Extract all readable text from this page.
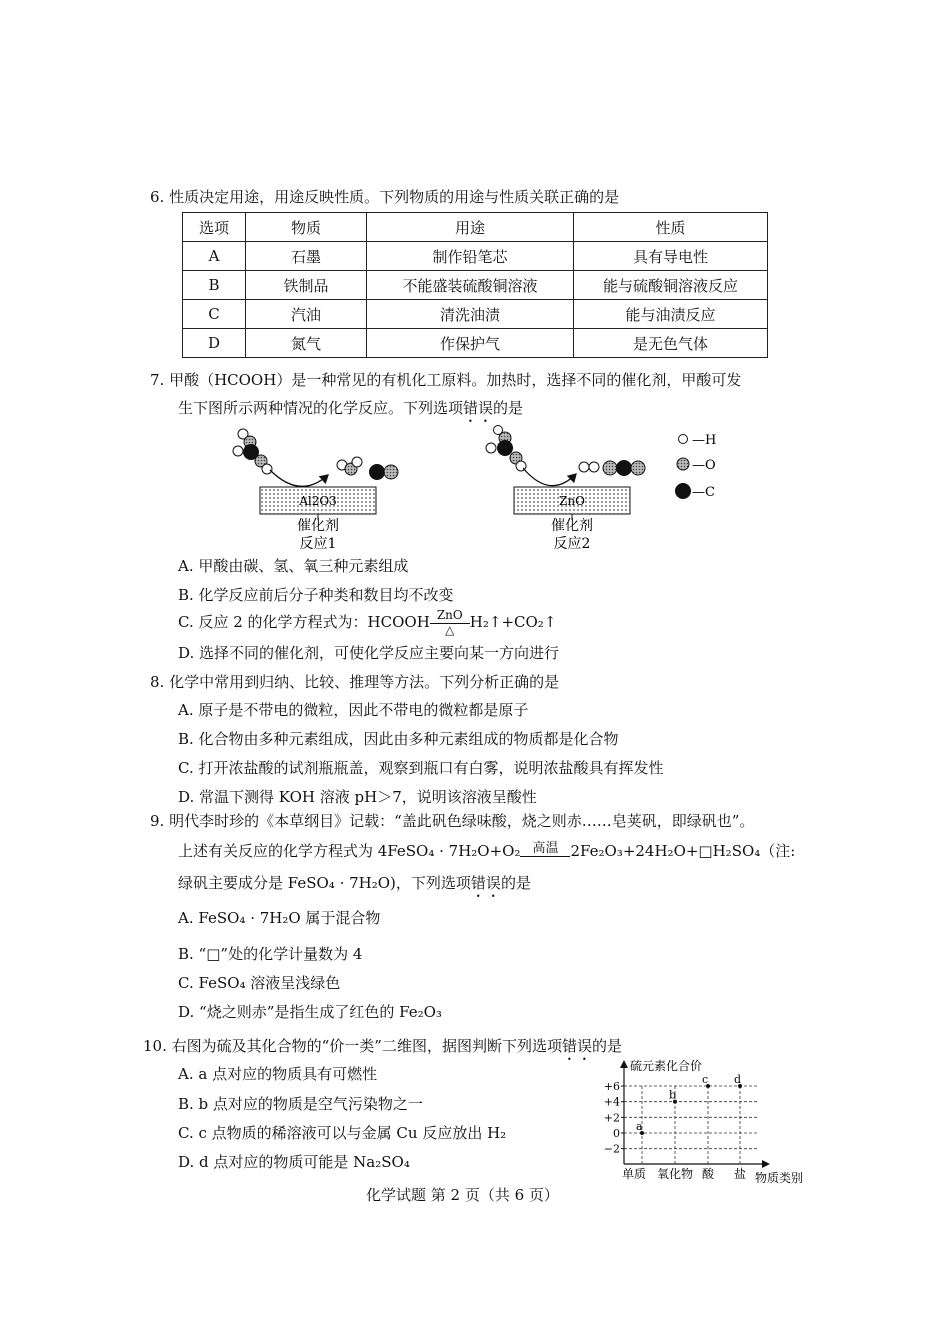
6. 性质决定用途，用途反映性质。下列物质的用途与性质关联正确的是
选项	物质	用途	性质
A	石墨	制作铅笔芯	具有导电性
B	铁制品	不能盛装硫酸铜溶液	能与硫酸铜溶液反应
C	汽油	清洗油渍	能与油渍反应
D	氮气	作保护气	是无色气体
7. 甲酸（HCOOH）是一种常见的有机化工原料。加热时，选择不同的催化剂，甲酸可发
生下图所示两种情况的化学反应。下列选项错误的是
Al2O3
催化剂
反应1
ZnO
催化剂
反应2
—H
—O
—C
A. 甲酸由碳、氢、氧三种元素组成
B. 化学反应前后分子种类和数目均不改变
C. 反应 2 的化学方程式为：HCOOH ZnO
△	H₂↑+CO₂↑
D. 选择不同的催化剂，可使化学反应主要向某一方向进行
8. 化学中常用到归纳、比较、推理等方法。下列分析正确的是
A. 原子是不带电的微粒，因此不带电的微粒都是原子
B. 化合物由多种元素组成，因此由多种元素组成的物质都是化合物
C. 打开浓盐酸的试剂瓶瓶盖，观察到瓶口有白雾，说明浓盐酸具有挥发性
D. 常温下测得 KOH 溶液 pH＞7，说明该溶液呈酸性
9. 明代李时珍的《本草纲目》记载：“盖此矾色绿味酸，烧之则赤……皂荚矾，即绿矾也”。
上述有关反应的化学方程式为 4FeSO₄ · 7H₂O+O₂ 高温 2Fe₂O₃+24H₂O+□H₂SO₄（注:
绿矾主要成分是 FeSO₄ · 7H₂O)，下列选项错误的是
A. FeSO₄ · 7H₂O 属于混合物
B. “□”处的化学计量数为 4
C. FeSO₄ 溶液呈浅绿色
D. “烧之则赤”是指生成了红色的 Fe₂O₃
10. 右图为硫及其化合物的“价一类”二维图，据图判断下列选项错误的是
A. a 点对应的物质具有可燃性
B. b 点对应的物质是空气污染物之一
C. c 点物质的稀溶液可以与金属 Cu 反应放出 H₂
D. d 点对应的物质可能是 Na₂SO₄
硫元素化合价
物质类别
+6
+4
+2
0
−2
单质 氧化物 酸 盐
a
b
c d
化学试题 第 2 页（共 6 页）
